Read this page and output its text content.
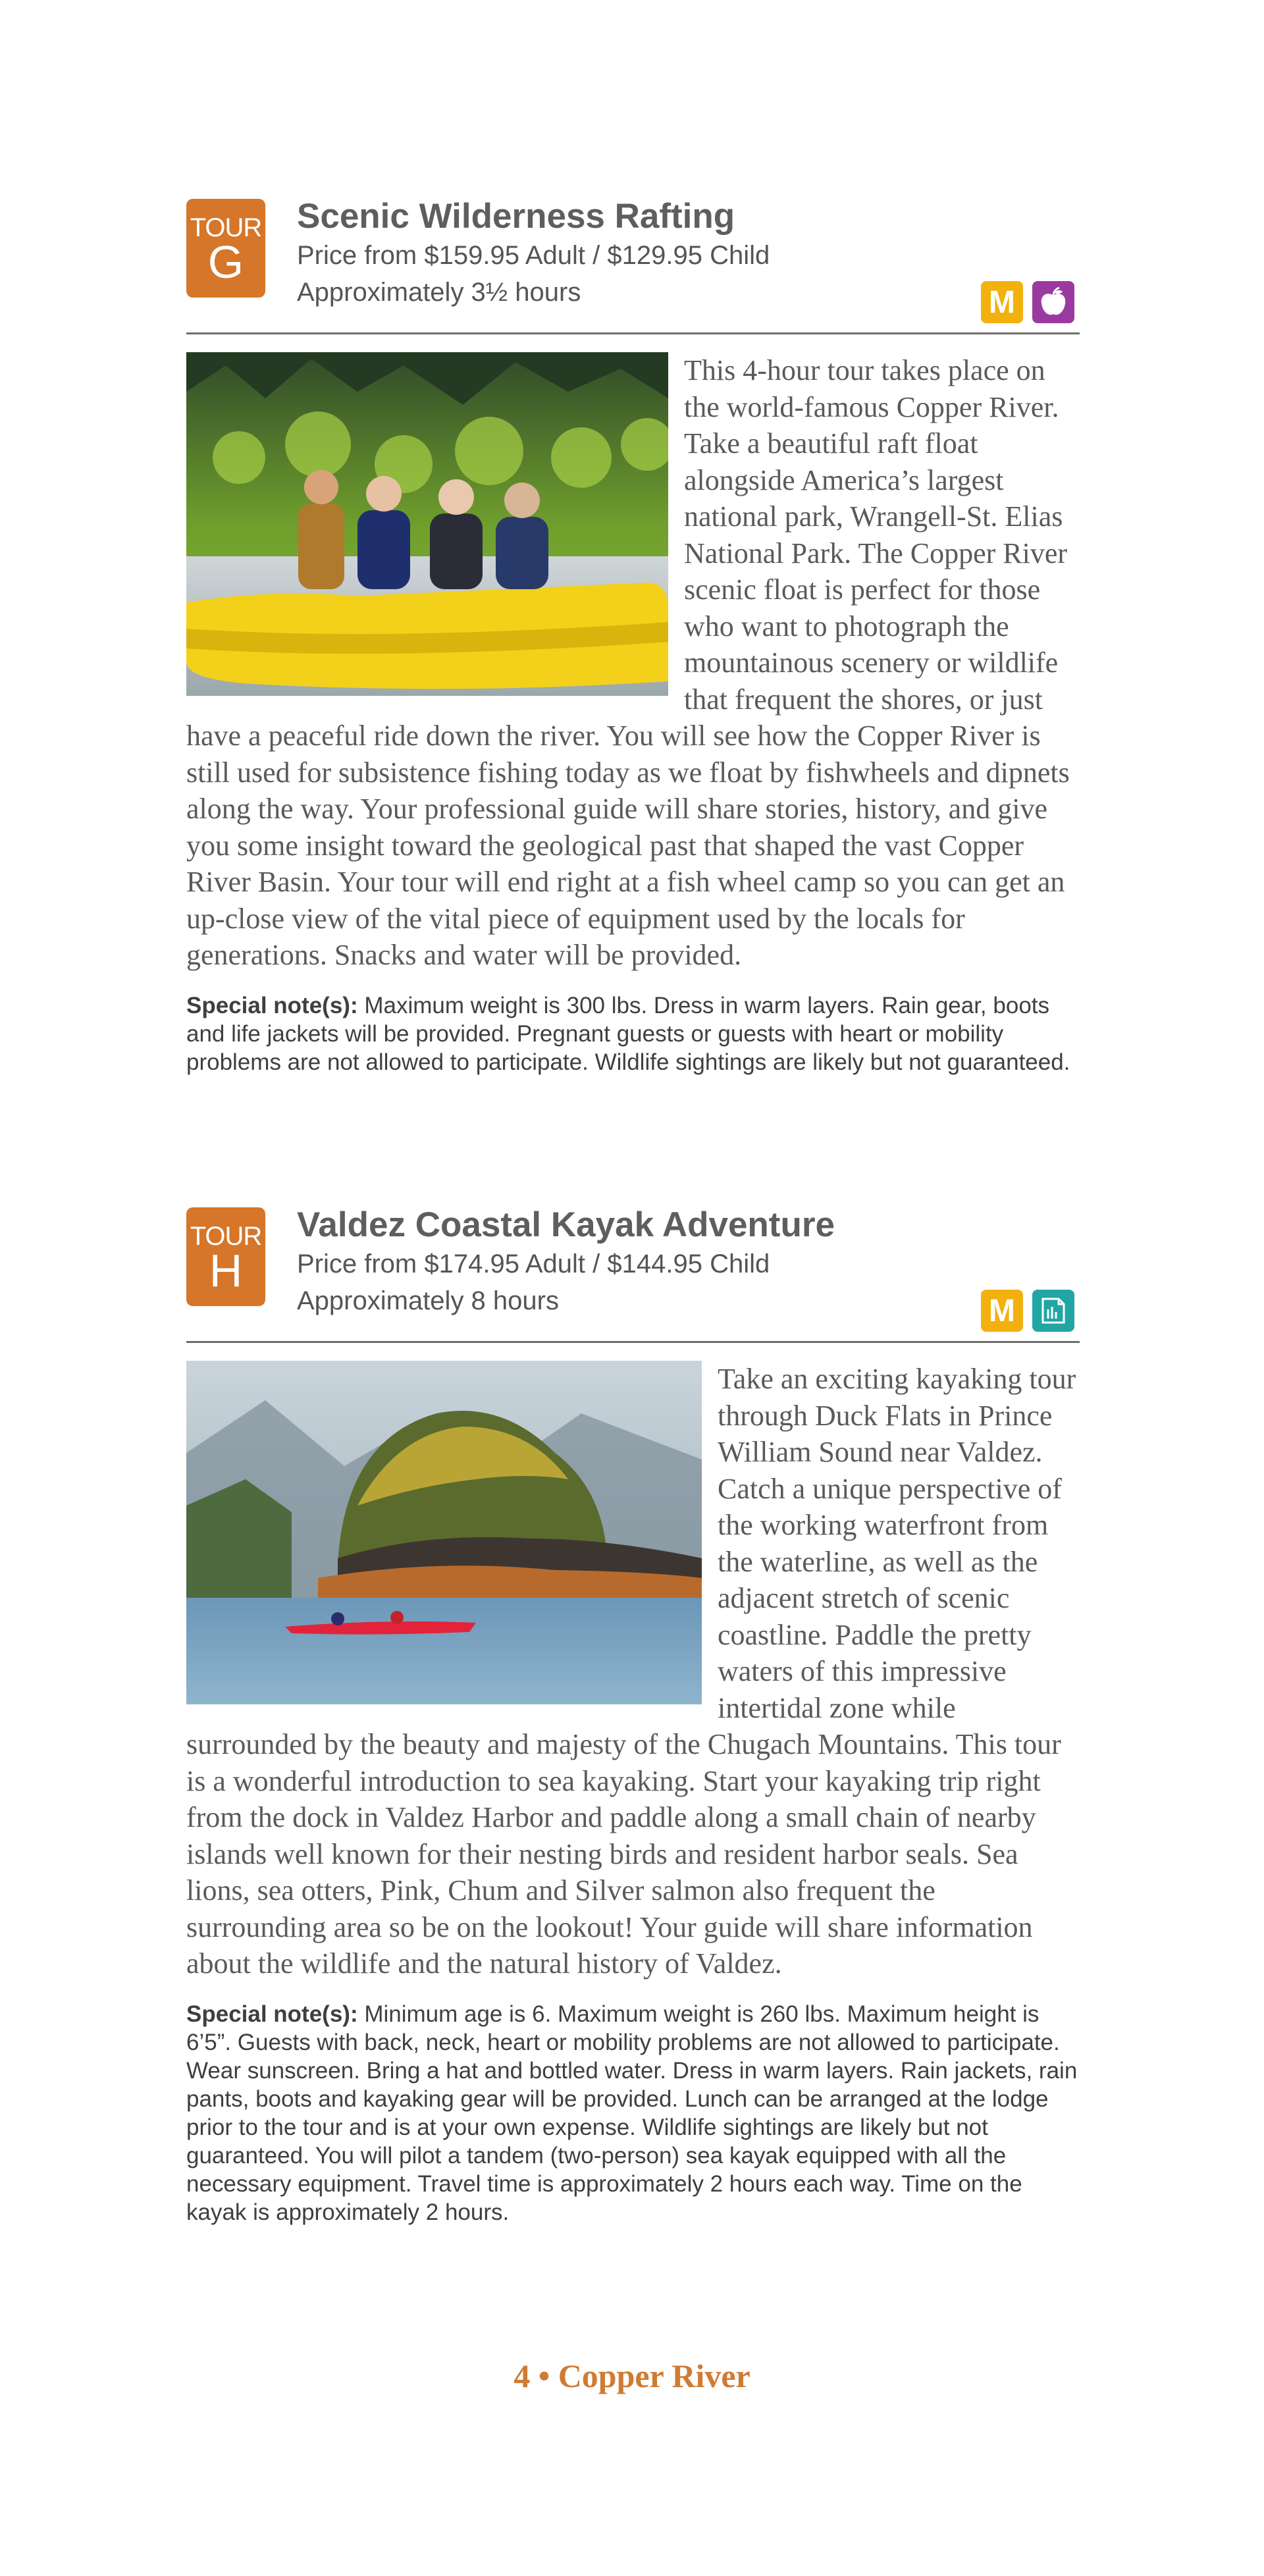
TOUR
G
Scenic Wilderness Rafting
Price from $159.95 Adult / $129.95 Child
Approximately 3½ hours	M

This 4-hour tour takes place on the world-famous Copper River. Take a beautiful raft float alongside America’s largest national park, Wrangell-St. Elias National Park. The Copper River scenic float is perfect for those who want to photograph the mountainous scenery or wildlife that frequent the shores, or just have a peaceful ride down the river. You will see how the Copper River is still used for subsistence fishing today as we float by fishwheels and dipnets along the way. Your professional guide will share stories, history, and give you some insight toward the geological past that shaped the vast Copper River Basin. Your tour will end right at a fish wheel camp so you can get an up-close view of the vital piece of equipment used by the locals for generations. Snacks and water will be provided.

Special note(s): Maximum weight is 300 lbs. Dress in warm layers. Rain gear, boots and life jackets will be provided. Pregnant guests or guests with heart or mobility problems are not allowed to participate. Wildlife sightings are likely but not guaranteed.

TOUR
H
Valdez Coastal Kayak Adventure
Price from $174.95 Adult / $144.95 Child
Approximately 8 hours	M

Take an exciting kayaking tour through Duck Flats in Prince William Sound near Valdez. Catch a unique perspective of the working waterfront from the waterline, as well as the adjacent stretch of scenic coastline. Paddle the pretty waters of this impressive intertidal zone while surrounded by the beauty and majesty of the Chugach Mountains. This tour is a wonderful introduction to sea kayaking. Start your kayaking trip right from the dock in Valdez Harbor and paddle along a small chain of nearby islands well known for their nesting birds and resident harbor seals. Sea lions, sea otters, Pink, Chum and Silver salmon also frequent the surrounding area so be on the lookout! Your guide will share information about the wildlife and the natural history of Valdez.

Special note(s): Minimum age is 6. Maximum weight is 260 lbs. Maximum height is 6’5”. Guests with back, neck, heart or mobility problems are not allowed to participate. Wear sunscreen. Bring a hat and bottled water. Dress in warm layers. Rain jackets, rain pants, boots and kayaking gear will be provided. Lunch can be arranged at the lodge prior to the tour and is at your own expense. Wildlife sightings are likely but not guaranteed. You will pilot a tandem (two-person) sea kayak equipped with all the necessary equipment. Travel time is approximately 2 hours each way. Time on the kayak is approximately 2 hours.

4 • Copper River
